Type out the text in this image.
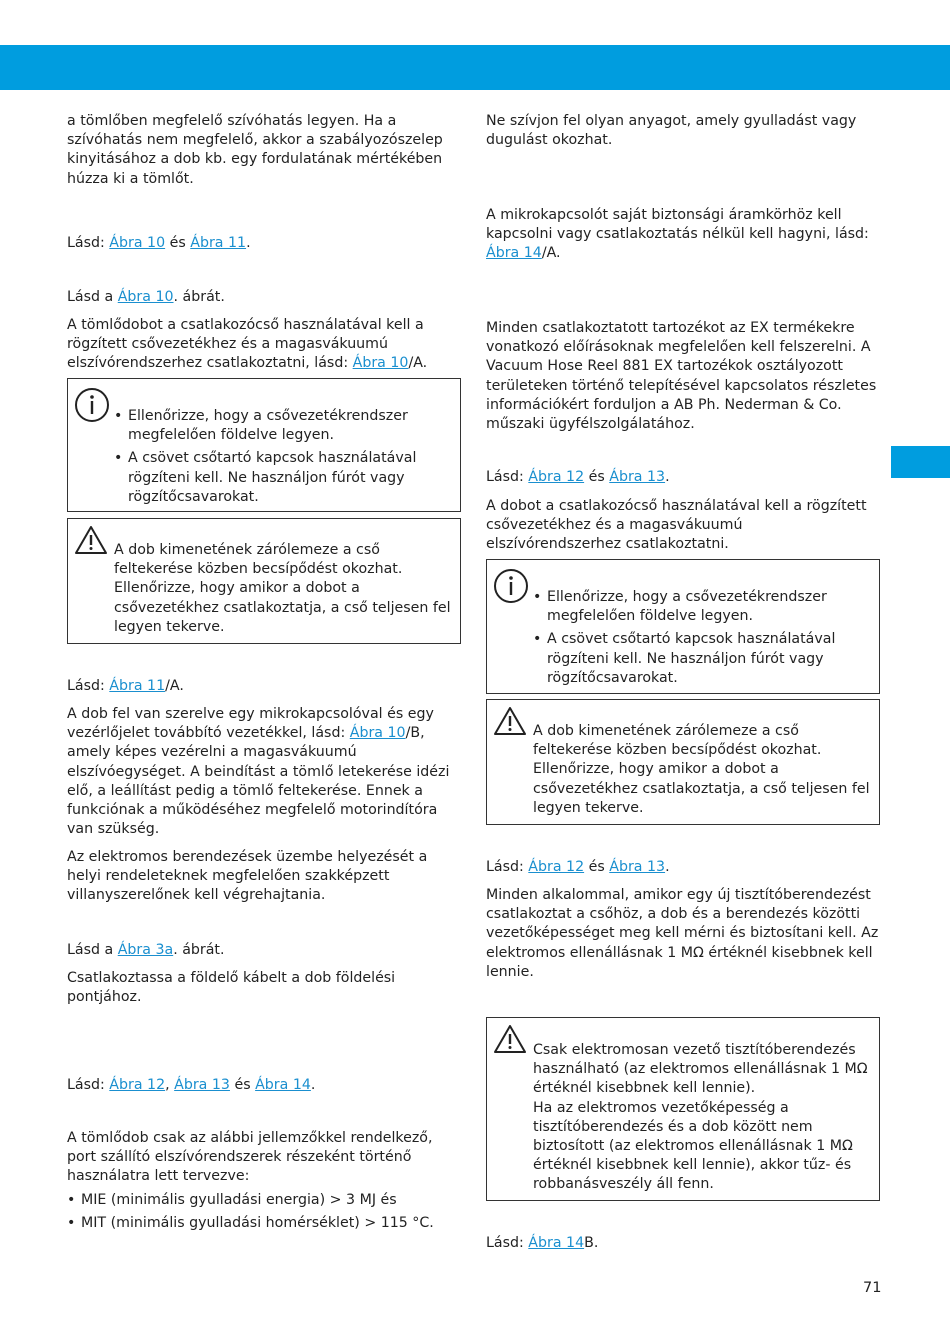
a tömlőben megfelelő szívóhatás legyen. Ha a szívóhatás nem megfelelő, akkor a szabályozószelep kinyitásához a dob kb. egy fordulatának mértékében húzza ki a tömlőt.

Lásd: Ábra 10 és Ábra 11.

Lásd a Ábra 10. ábrát.

A tömlődobot a csatlakozócső használatával kell a rögzített csővezetékhez és a magasvákuumú elszívórendszerhez csatlakoztatni, lásd: Ábra 10/A.

• Ellenőrizze, hogy a csővezetékrendszer megfelelően földelve legyen.
• A csövet csőtartó kapcsok használatával rögzíteni kell. Ne használjon fúrót vagy rögzítőcsavarokat.
A dob kimenetének zárólemeze a cső feltekerése közben becsípődést okozhat. Ellenőrizze, hogy amikor a dobot a csővezetékhez csatlakoztatja, a cső teljesen fel legyen tekerve.

Lásd: Ábra 11/A.

A dob fel van szerelve egy mikrokapcsolóval és egy vezérlőjelet továbbító vezetékkel, lásd: Ábra 10/B, amely képes vezérelni a magasvákuumú elszívóegységet. A beindítást a tömlő letekerése idézi elő, a leállítást pedig a tömlő feltekerése. Ennek a funkciónak a működéséhez megfelelő motorindítóra van szükség.

Az elektromos berendezések üzembe helyezését a helyi rendeleteknek megfelelően szakképzett villanyszerelőnek kell végrehajtania.

Lásd a Ábra 3a. ábrát.

Csatlakoztassa a földelő kábelt a dob földelési pontjához.

Lásd: Ábra 12, Ábra 13 és Ábra 14.

A tömlődob csak az alábbi jellemzőkkel rendelkező, port szállító elszívórendszerek részeként történő használatra lett tervezve:

• MIE (minimális gyulladási energia) > 3 MJ és
• MIT (minimális gyulladási homérséklet) > 115 °C.

Ne szívjon fel olyan anyagot, amely gyulladást vagy dugulást okozhat.

A mikrokapcsolót saját biztonsági áramkörhöz kell kapcsolni vagy csatlakoztatás nélkül kell hagyni, lásd: Ábra 14/A.

Minden csatlakoztatott tartozékot az EX termékekre vonatkozó előírásoknak megfelelően kell felszerelni. A Vacuum Hose Reel 881 EX tartozékok osztályozott területeken történő telepítésével kapcsolatos részletes információkért forduljon a AB Ph. Nederman & Co. műszaki ügyfélszolgálatához.

Lásd: Ábra 12 és Ábra 13.

A dobot a csatlakozócső használatával kell a rögzített csővezetékhez és a magasvákuumú elszívórendszerhez csatlakoztatni.

• Ellenőrizze, hogy a csővezetékrendszer megfelelően földelve legyen.
• A csövet csőtartó kapcsok használatával rögzíteni kell. Ne használjon fúrót vagy rögzítőcsavarokat.
A dob kimenetének zárólemeze a cső feltekerése közben becsípődést okozhat. Ellenőrizze, hogy amikor a dobot a csővezetékhez csatlakoztatja, a cső teljesen fel legyen tekerve.

Lásd: Ábra 12 és Ábra 13.

Minden alkalommal, amikor egy új tisztítóberendezést csatlakoztat a csőhöz, a dob és a berendezés közötti vezetőképességet meg kell mérni és biztosítani kell. Az elektromos ellenállásnak 1 MΩ értéknél kisebbnek kell lennie.

Csak elektromosan vezető tisztítóberendezés használható (az elektromos ellenállásnak 1 MΩ értéknél kisebbnek kell lennie).

Ha az elektromos vezetőképesség a tisztítóberendezés és a dob között nem biztosított (az elektromos ellenállásnak 1 MΩ értéknél kisebbnek kell lennie), akkor tűz- és robbanásveszély áll fenn.

Lásd: Ábra 14B.

71
